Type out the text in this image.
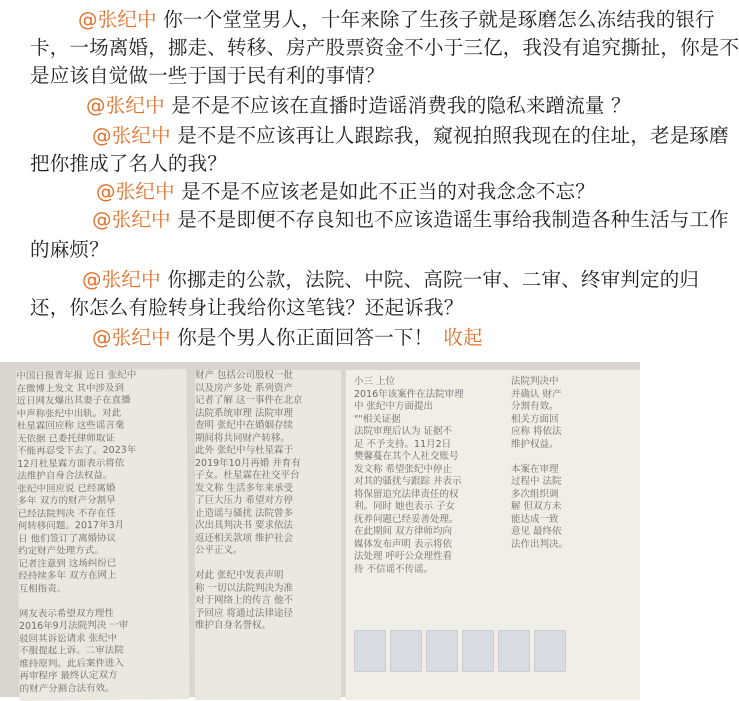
@张纪中 你一个堂堂男人，十年来除了生孩子就是琢磨怎么冻结我的银行
卡，一场离婚，挪走、转移、房产股票资金不小于三亿，我没有追究撕扯，你是不
是应该自觉做一些于国于民有利的事情？
@张纪中 是不是不应该在直播时造谣消费我的隐私来蹭流量 ？
@张纪中 是不是不应该再让人跟踪我，窥视拍照我现在的住址，老是琢磨
把你推成了名人的我？
@张纪中 是不是不应该老是如此不正当的对我念念不忘？
@张纪中 是不是即便不存良知也不应该造谣生事给我制造各种生活与工作
的麻烦？
@张纪中 你挪走的公款，法院、中院、高院一审、二审、终审判定的归
还，你怎么有脸转身让我给你这笔钱？还起诉我？
@张纪中 你是个男人你正面回答一下！ 收起
中国日报青年报 近日 张纪中
在微博上发文 其中涉及到
近日网友爆出其妻子在直播
中声称张纪中出轨。对此
杜星霖回应称 这些谣言毫
无依据 已委托律师取证
不能再忍受下去了。2023年
12月杜星霖方面表示将依
法维护自身合法权益。
张纪中回应说 已经离婚
多年 双方的财产分割早
已经法院判决 不存在任
何转移问题。2017年3月
日 他们签订了离婚协议
约定财产处理方式。
记者注意到 这场纠纷已
经持续多年 双方在网上
互相指责。

网友表示希望双方理性
2016年9月法院判决 一审
驳回其诉讼请求 张纪中
不服提起上诉。二审法院
维持原判。此后案件进入
再审程序 最终认定双方
的财产分割合法有效。
财产 包括公司股权一批
以及房产多处 系列资产
记者了解 这一事件在北京
法院系统审理 法院审理
查明 张纪中在婚姻存续
期间将共同财产转移。
此外 张纪中与杜星霖于
2019年10月再婚 并育有
子女。杜星霖在社交平台
发文称 生活多年来承受
了巨大压力 希望对方停
止造谣与骚扰 法院曾多
次出具判决书 要求依法
返还相关款项 维护社会
公平正义。

对此 张纪中发表声明
称 一切以法院判决为准
对于网络上的传言 他不
予回应 将通过法律途径
维护自身名誉权。

小三 上位
2016年该案件在法院审理
中 张纪中方面提出
""相关证据
法院审理后认为 证据不
足 不予支持。11月2日
樊馨蔓在其个人社交账号
发文称 希望张纪中停止
对其的骚扰与跟踪 并表示
将保留追究法律责任的权
利。同时 她也表示 子女
抚养问题已经妥善处理。
在此期间 双方律师均向
媒体发布声明 表示将依
法处理 呼吁公众理性看
待 不信谣不传谣。

法院判决中
并确认 财产
分割有效。
相关方面回
应称 将依法
维护权益。

本案在审理
过程中 法院
多次组织调
解 但双方未
能达成一致
意见 最终依
法作出判决。
